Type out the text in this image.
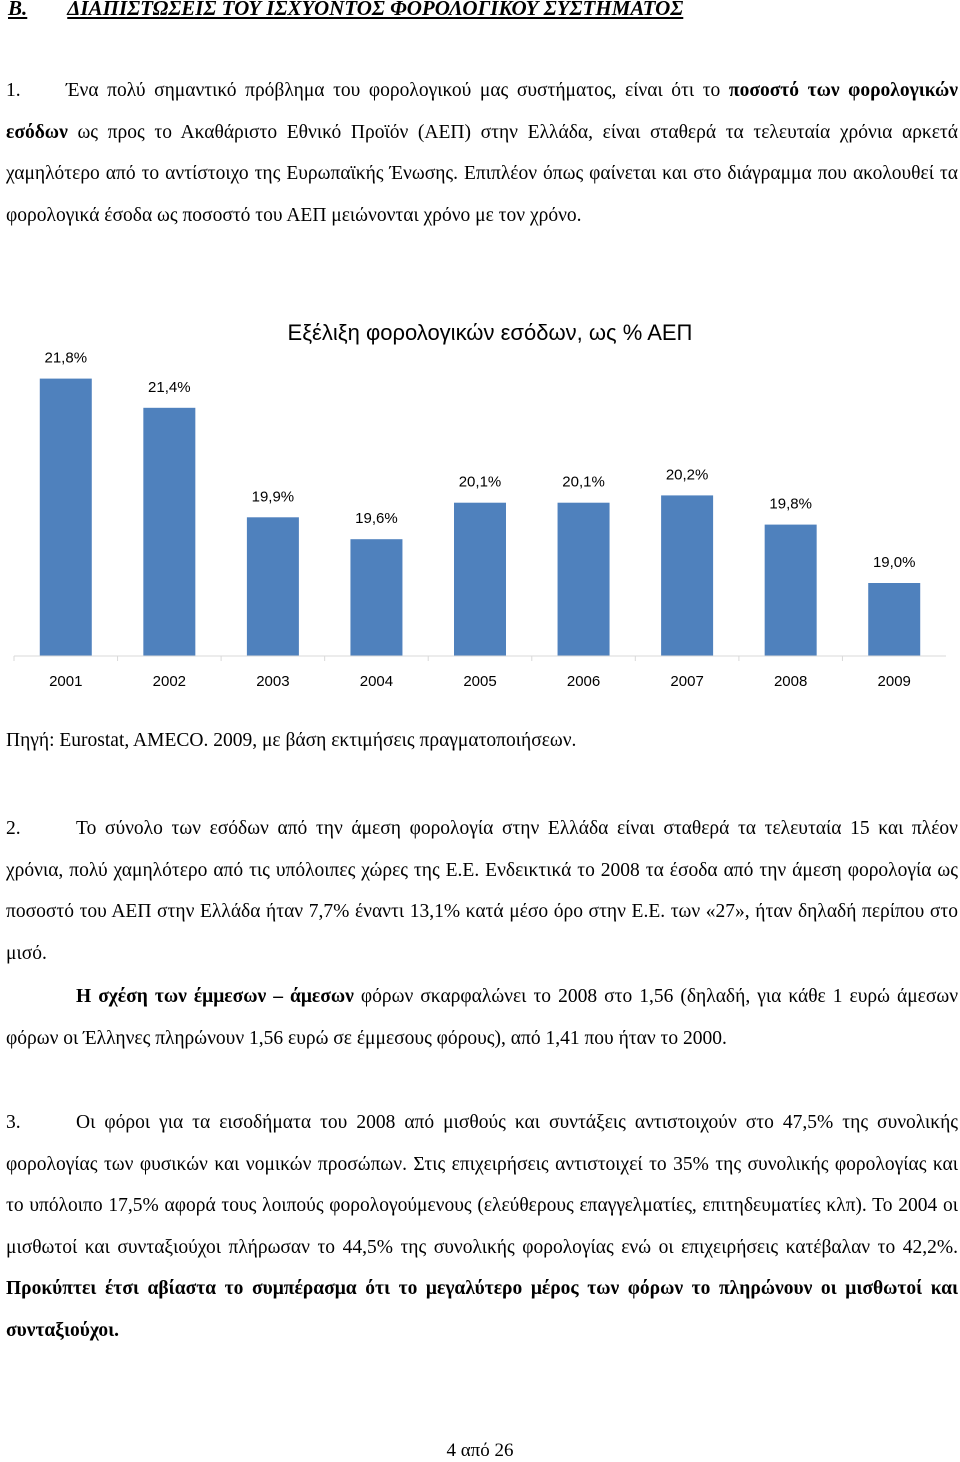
B. ΔΙΑΠΙΣΤΩΣΕΙΣ ΤΟΥ ΙΣΧΥΟΝΤΟΣ ΦΟΡΟΛΟΓΙΚΟΥ ΣΥΣΤΗΜΑΤΟΣ
1. Ένα πολύ σημαντικό πρόβλημα του φορολογικού μας συστήματος, είναι ότι το ποσοστό των φορολογικών εσόδων ως προς το Ακαθάριστο Εθνικό Προϊόν (ΑΕΠ) στην Ελλάδα, είναι σταθερά τα τελευταία χρόνια αρκετά χαμηλότερο από το αντίστοιχο της Ευρωπαϊκής Ένωσης. Επιπλέον όπως φαίνεται και στο διάγραμμα που ακολουθεί τα φορολογικά έσοδα ως ποσοστό του ΑΕΠ μειώνονται χρόνο με τον χρόνο.
Εξέλιξη φορολογικών εσόδων, ως % ΑΕΠ
21,8%
21,4%
19,9%
19,6%
20,1%	20,1%	20,2%
19,8%
19,0%
2001	2002	2003	2004	2005	2006	2007	2008	2009
Πηγή: Eurostat, AMECO. 2009, με βάση εκτιμήσεις πραγματοποιήσεων.
2.	Το σύνολο των εσόδων από την άμεση φορολογία στην Ελλάδα είναι σταθερά τα τελευταία 15 και πλέον χρόνια, πολύ χαμηλότερο από τις υπόλοιπες χώρες της Ε.Ε. Ενδεικτικά το 2008 τα έσοδα από την άμεση φορολογία ως ποσοστό του ΑΕΠ στην Ελλάδα ήταν 7,7% έναντι 13,1% κατά μέσο όρο στην Ε.Ε. των «27», ήταν δηλαδή περίπου στο μισό.
Η σχέση των έμμεσων – άμεσων φόρων σκαρφαλώνει το 2008 στο 1,56 (δηλαδή, για κάθε 1 ευρώ άμεσων φόρων οι Έλληνες πληρώνουν 1,56 ευρώ σε έμμεσους φόρους), από 1,41 που ήταν το 2000.
3.	Οι φόροι για τα εισοδήματα του 2008 από μισθούς και συντάξεις αντιστοιχούν στο 47,5% της συνολικής φορολογίας των φυσικών και νομικών προσώπων. Στις επιχειρήσεις αντιστοιχεί το 35% της συνολικής φορολογίας και το υπόλοιπο 17,5% αφορά τους λοιπούς φορολογούμενους (ελεύθερους επαγγελματίες, επιτηδευματίες κλπ). Το 2004 οι μισθωτοί και συνταξιούχοι πλήρωσαν το 44,5% της συνολικής φορολογίας ενώ οι επιχειρήσεις κατέβαλαν το 42,2%. Προκύπτει έτσι αβίαστα το συμπέρασμα ότι το μεγαλύτερο μέρος των φόρων το πληρώνουν οι μισθωτοί και συνταξιούχοι.
4 από 26
